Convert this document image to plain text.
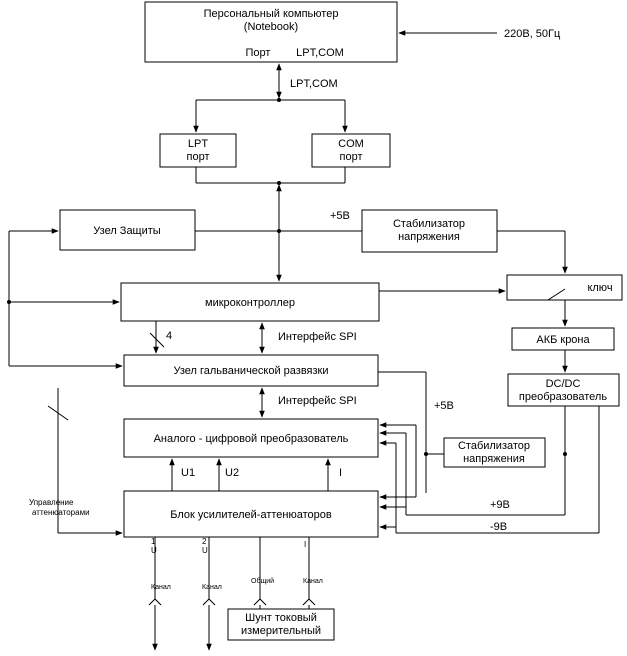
Персональный компьютер
(Notebook)
Порт LPT,COM
LPT
порт
COM
порт
Узел Защиты
Стабилизатор
напряжения
микроконтроллер
ключ
АКБ крона
DC/DC
преобразователь
Узел гальванической развязки
Аналого - цифровой преобразователь
Стабилизатор
напряжения
Блок усилителей-аттенюаторов
Шунт токовый
измерительный
220В, 50Гц
LPT,COM
+5В
Интерфейс SPI
4
Интерфейс SPI	+5В
+9В
-9В
Управление
аттенюаторами
U1	U2	I
1
U
2
U
I
Канал	Канал
Общий	Канал
